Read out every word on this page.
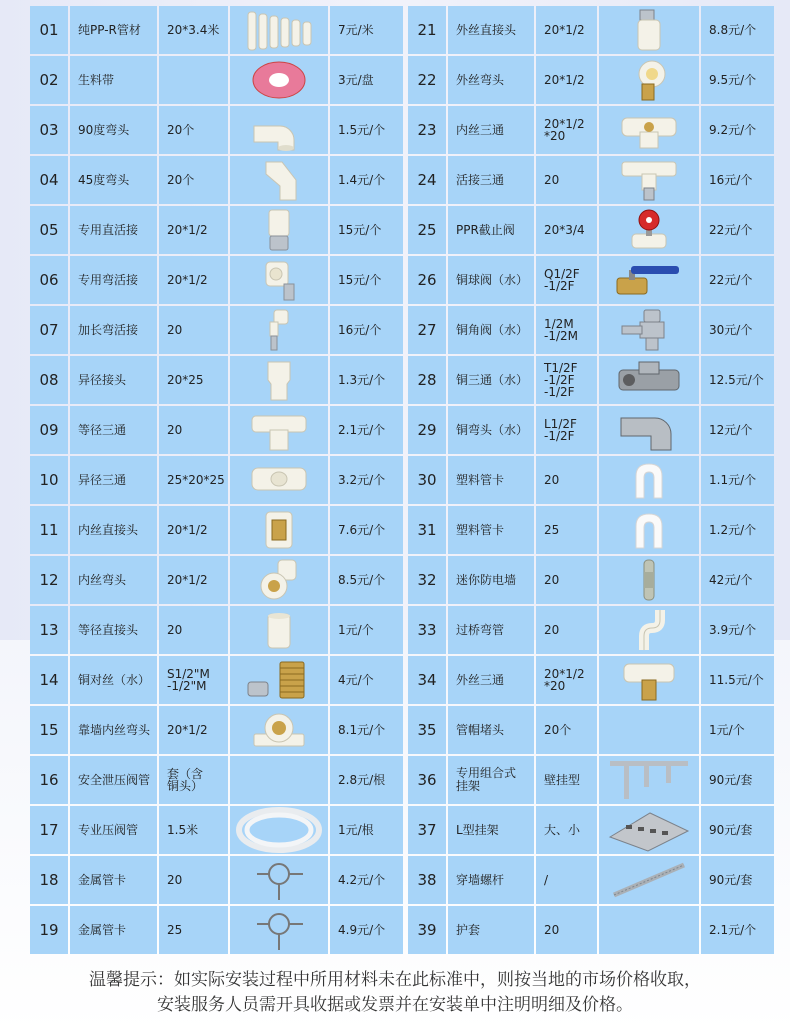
01 纯PP-R管材 20*3.4米	7元/米
02 生料带	3元/盘
03 90度弯头	20个	1.5元/个
04 45度弯头	20个	1.4元/个
05 专用直活接 20*1/2	15元/个
06 专用弯活接 20*1/2	15元/个
07 加长弯活接 20	16元/个
08 异径接头	20*25	1.3元/个
09 等径三通	20	2.1元/个
10 异径三通	25*20*25	3.2元/个
11 内丝直接头 20*1/2	7.6元/个
12 内丝弯头	20*1/2	8.5元/个
13 等径直接头 20	1元/个
14 铜对丝（水） S1/2"M
-1/2"M	4元/个
15 靠墙内丝弯头 20*1/2	8.1元/个
16 安全泄压阀管 套（含
铜头）	2.8元/根
17 专业压阀管 1.5米	1元/根
18 金属管卡	20	4.2元/个
19 金属管卡	25	4.9元/个
21 外丝直接头 20*1/2	8.8元/个
22 外丝弯头	20*1/2	9.5元/个
23 内丝三通	20*1/2
*20	9.2元/个
24 活接三通	20	16元/个
25 PPR截止阀 20*3/4	22元/个
26 铜球阀（水） Q1/2F
-1/2F	22元/个
27 铜角阀（水） 1/2M
-1/2M	30元/个
28 铜三通（水）
T1/2F
-1/2F
-1/2F
12.5元/个
29 铜弯头（水） L1/2F
-1/2F	12元/个
30 塑料管卡	20	1.1元/个
31 塑料管卡	25	1.2元/个
32 迷你防电墙 20	42元/个
33 过桥弯管	20	3.9元/个
34 外丝三通	20*1/2
*20	11.5元/个
35 管帽堵头	20个	1元/个
36 专用组合式
挂架	壁挂型	90元/套
37 L型挂架	大、小	90元/套
38 穿墙螺杆	/	90元/套
39 护套	20	2.1元/个
温馨提示：如实际安装过程中所用材料未在此标准中，则按当地的市场价格收取，
安装服务人员需开具收据或发票并在安装单中注明明细及价格。
